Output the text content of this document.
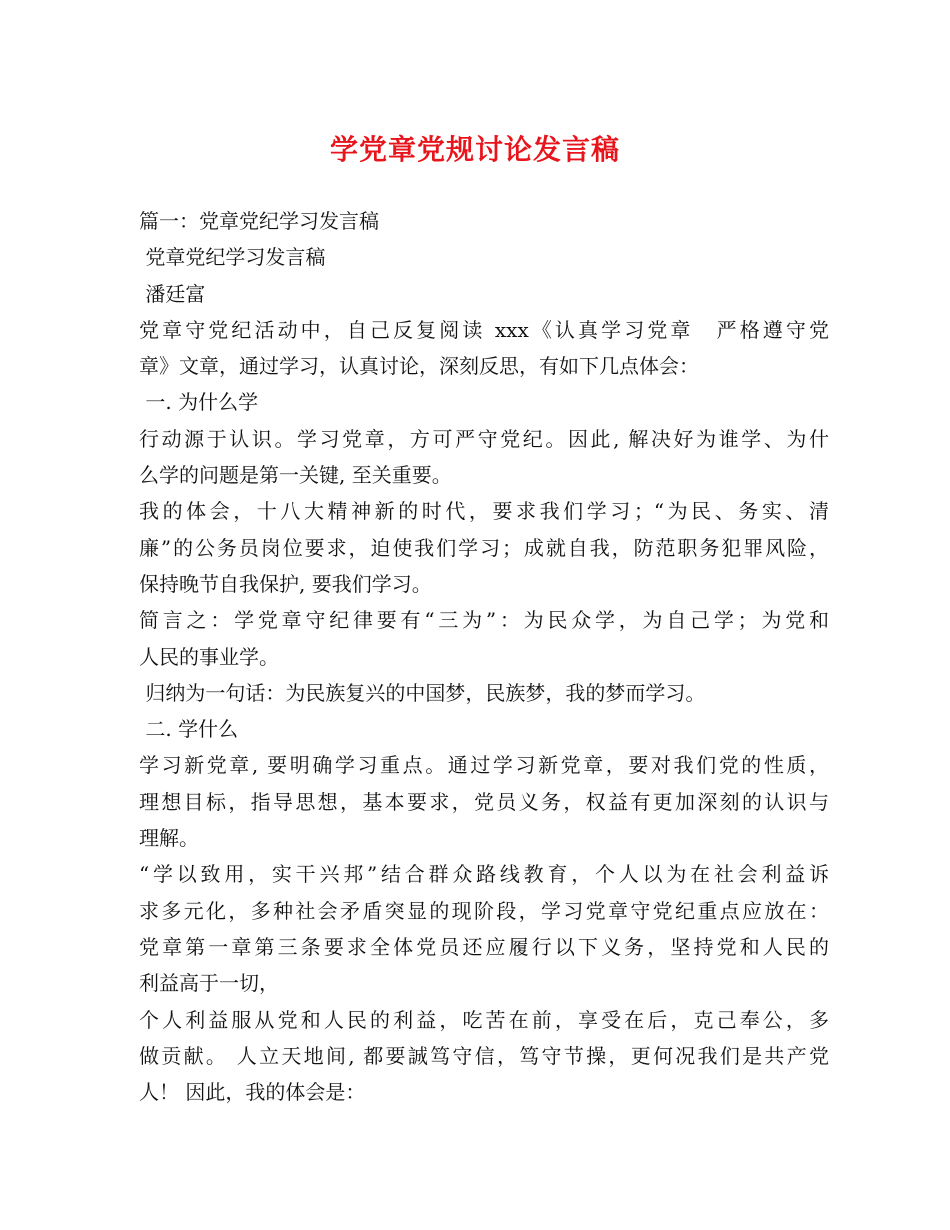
学党章党规讨论发言稿
篇一：党章党纪学习发言稿
党章党纪学习发言稿
潘廷富
党章守党纪活动中，自己反复阅读 xxx《认真学习党章　严格遵守党
章》文章，通过学习，认真讨论，深刻反思，有如下几点体会：
一. 为什么学
行动源于认识。学习党章，方可严守党纪。因此, 解决好为谁学、为什
么学的问题是第一关键, 至关重要。
我的体会，十八大精神新的时代，要求我们学习；“为民、务实、清
廉”的公务员岗位要求，迫使我们学习；成就自我，防范职务犯罪风险，
保持晚节自我保护, 要我们学习。
简言之：学党章守纪律要有“三为”：为民众学，为自己学；为党和
人民的事业学。
归纳为一句话：为民族复兴的中国梦，民族梦，我的梦而学习。
二. 学什么
学习新党章, 要明确学习重点。通过学习新党章，要对我们党的性质，
理想目标，指导思想，基本要求，党员义务，权益有更加深刻的认识与
理解。
“学以致用，实干兴邦”结合群众路线教育，个人以为在社会利益诉
求多元化，多种社会矛盾突显的现阶段，学习党章守党纪重点应放在：
党章第一章第三条要求全体党员还应履行以下义务，坚持党和人民的
利益高于一切，
个人利益服从党和人民的利益，吃苦在前，享受在后，克己奉公，多
做贡献。 人立天地间, 都要誠笃守信，笃守节操，更何况我们是共产党
人！ 因此，我的体会是：
